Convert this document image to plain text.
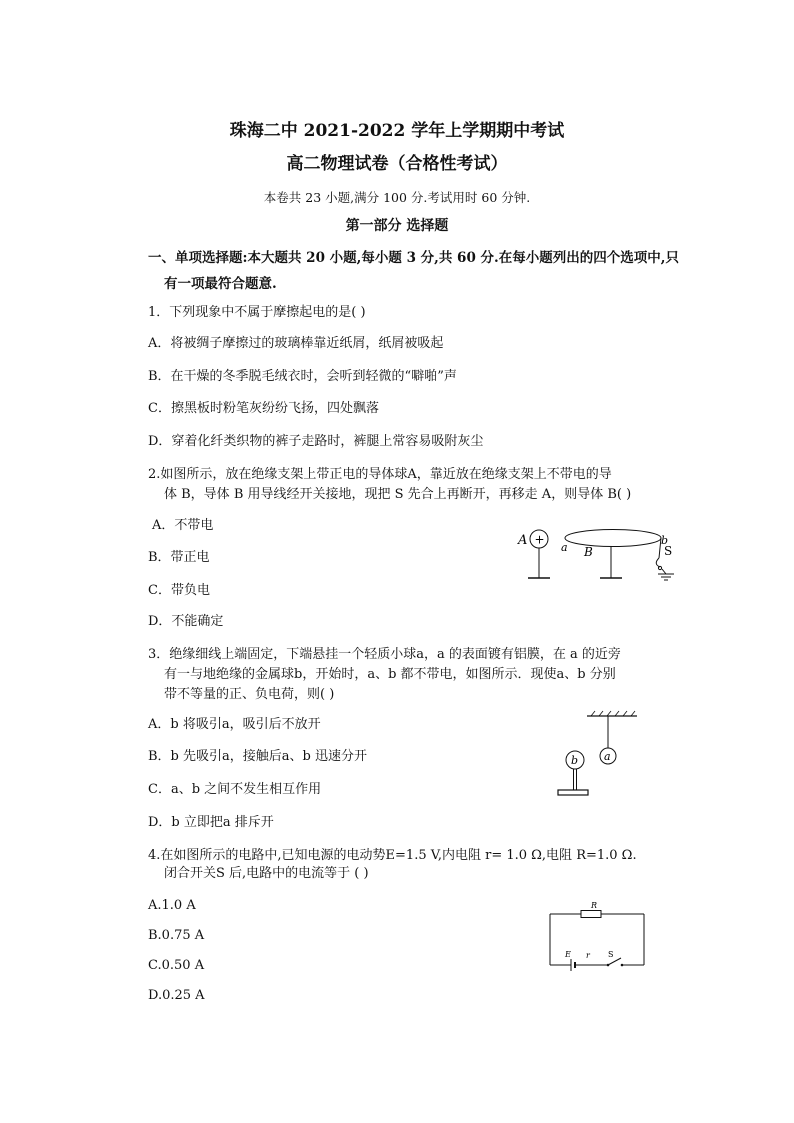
珠海二中 2021-2022 学年上学期期中考试
高二物理试卷（合格性考试）
本卷共 23 小题,满分 100 分.考试用时 60 分钟.
第一部分 选择题
一、单项选择题:本大题共 20 小题,每小题 3 分,共 60 分.在每小题列出的四个选项中,只
有一项最符合题意.
1．下列现象中不属于摩擦起电的是( )
A．将被绸子摩擦过的玻璃棒靠近纸屑，纸屑被吸起
B．在干燥的冬季脱毛绒衣时，会听到轻微的“噼啪”声
C．擦黑板时粉笔灰纷纷飞扬，四处飘落
D．穿着化纤类织物的裤子走路时，裤腿上常容易吸附灰尘
2.如图所示，放在绝缘支架上带正电的导体球A，靠近放在绝缘支架上不带电的导
体 B，导体 B 用导线经开关接地，现把 S 先合上再断开，再移走 A，则导体 B( )
A．不带电
B．带正电
C．带负电
D．不能确定
A +
a B
b
S
3．绝缘细线上端固定，下端悬挂一个轻质小球a，a 的表面镀有铝膜，在 a 的近旁
有一与地绝缘的金属球b，开始时，a、b 都不带电，如图所示．现使a、b 分别
带不等量的正、负电荷，则( )
A．b 将吸引a，吸引后不放开
B．b 先吸引a，接触后a、b 迅速分开
C．a、b 之间不发生相互作用
D．b 立即把a 排斥开
a
b
4.在如图所示的电路中,已知电源的电动势E=1.5 V,内电阻 r= 1.0 Ω,电阻 R=1.0 Ω.
闭合开关S 后,电路中的电流等于 ( )
A.1.0 A
B.0.75 A
C.0.50 A
D.0.25 A
R
E r S
